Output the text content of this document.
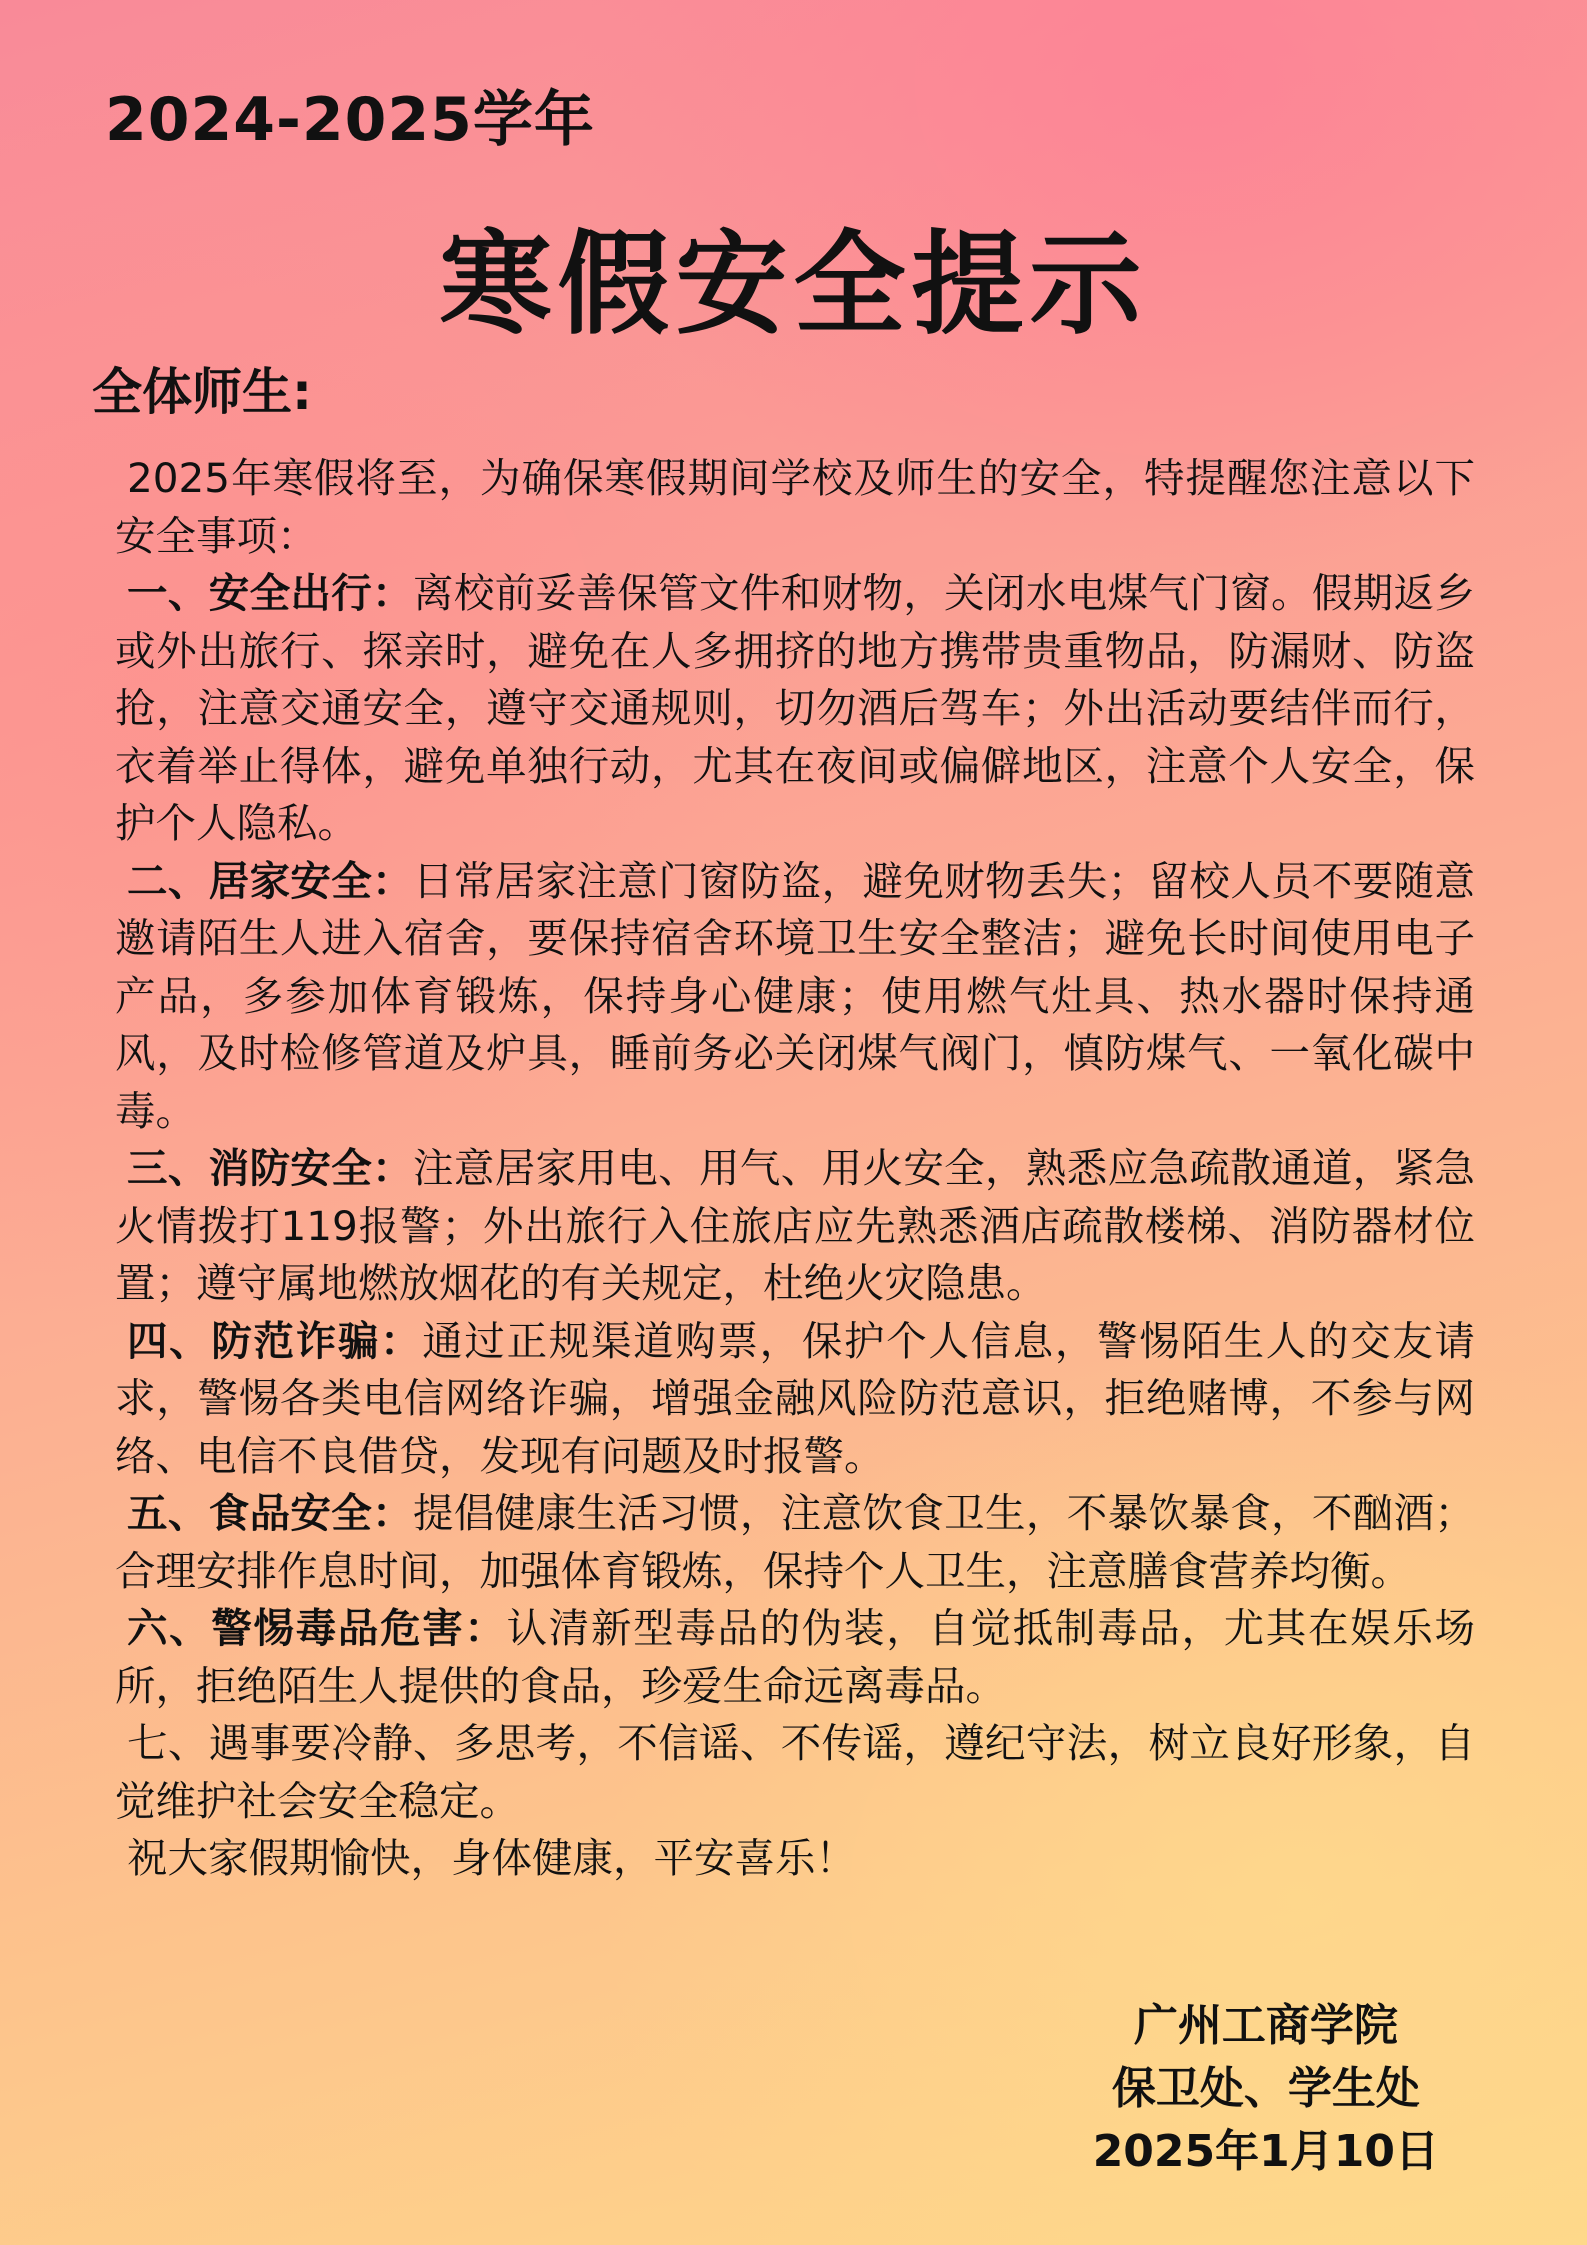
2024-2025学年
寒假安全提示
全体师生:

2025年寒假将至，为确保寒假期间学校及师生的安全，特提醒您注意以下安全事项：

一、安全出行：离校前妥善保管文件和财物，关闭水电煤气门窗。假期返乡或外出旅行、探亲时，避免在人多拥挤的地方携带贵重物品，防漏财、防盗抢，注意交通安全，遵守交通规则，切勿酒后驾车；外出活动要结伴而行，衣着举止得体，避免单独行动，尤其在夜间或偏僻地区，注意个人安全，保护个人隐私。

二、居家安全：日常居家注意门窗防盗，避免财物丢失；留校人员不要随意邀请陌生人进入宿舍，要保持宿舍环境卫生安全整洁；避免长时间使用电子产品，多参加体育锻炼，保持身心健康；使用燃气灶具、热水器时保持通风，及时检修管道及炉具，睡前务必关闭煤气阀门，慎防煤气、一氧化碳中毒。

三、消防安全：注意居家用电、用气、用火安全，熟悉应急疏散通道，紧急火情拨打119报警；外出旅行入住旅店应先熟悉酒店疏散楼梯、消防器材位置；遵守属地燃放烟花的有关规定，杜绝火灾隐患。

四、防范诈骗：通过正规渠道购票，保护个人信息，警惕陌生人的交友请求，警惕各类电信网络诈骗，增强金融风险防范意识，拒绝赌博，不参与网络、电信不良借贷，发现有问题及时报警。

五、食品安全：提倡健康生活习惯，注意饮食卫生，不暴饮暴食，不酗酒；合理安排作息时间，加强体育锻炼，保持个人卫生，注意膳食营养均衡。

六、警惕毒品危害：认清新型毒品的伪装，自觉抵制毒品，尤其在娱乐场所，拒绝陌生人提供的食品，珍爱生命远离毒品。

七、遇事要冷静、多思考，不信谣、不传谣，遵纪守法，树立良好形象，自觉维护社会安全稳定。

祝大家假期愉快，身体健康，平安喜乐！

广州工商学院
保卫处、学生处
2025年1月10日
